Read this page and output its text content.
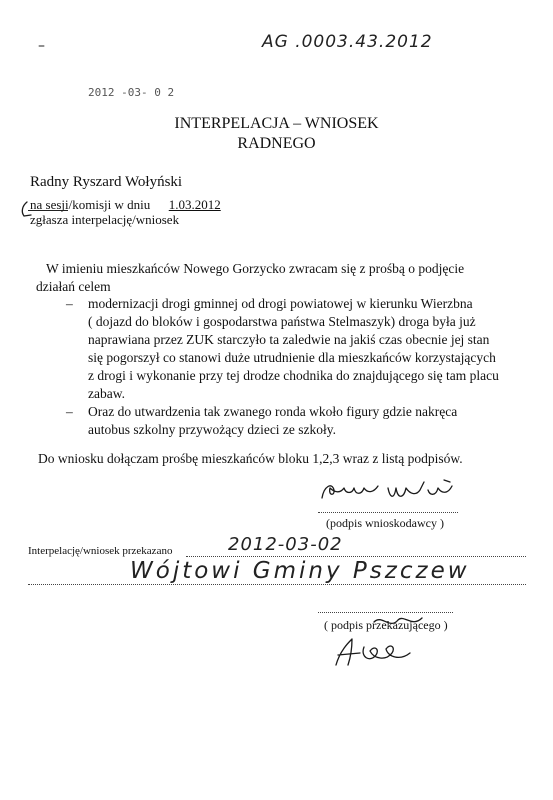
–	AG .0003.43.2012
2012 -03- 0 2
INTERPELACJA – WNIOSEK
RADNEGO
Radny Ryszard Wołyński
na sesji/komisji w dniu 1.03.2012
zgłasza interpelację/wniosek
W imieniu mieszkańców Nowego Gorzycko zwracam się z prośbą o podjęcie
działań celem
– modernizacji drogi gminnej od drogi powiatowej w kierunku Wierzbna
( dojazd do bloków i gospodarstwa państwa Stelmaszyk) droga była już
naprawiana przez ZUK starczyło ta zaledwie na jakiś czas obecnie jej stan
się pogorszył co stanowi duże utrudnienie dla mieszkańców korzystających
z drogi i wykonanie przy tej drodze chodnika do znajdującego się tam placu
zabaw.
– Oraz do utwardzenia tak zwanego ronda wkoło figury gdzie nakręca
autobus szkolny przywożący dzieci ze szkoły.
Do wniosku dołączam prośbę mieszkańców bloku 1,2,3 wraz z listą podpisów.
(podpis wnioskodawcy )
Interpelację/wniosek przekazano	2012-03-02
Wójtowi Gminy Pszczew
( podpis przekazującego )
